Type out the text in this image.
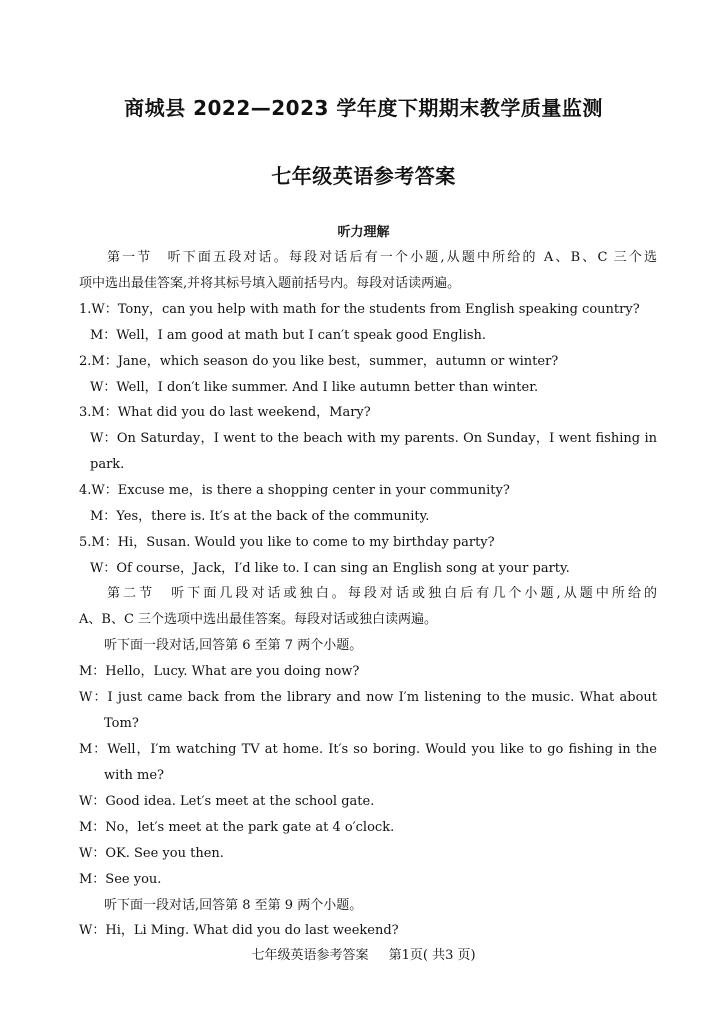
商城县 2022—2023 学年度下期期末教学质量监测
七年级英语参考答案
听力理解
第一节　听下面五段对话。每段对话后有一个小题,从题中所给的 A、B、C 三个选
项中选出最佳答案,并将其标号填入题前括号内。每段对话读两遍。
1.W：Tony，can you help with math for the students from English speaking country?
M：Well，I am good at math but I can′t speak good English.
2.M：Jane，which season do you like best，summer，autumn or winter?
W：Well，I don′t like summer. And I like autumn better than winter.
3.M：What did you do last weekend，Mary?
W：On Saturday，I went to the beach with my parents. On Sunday，I went fishing in
park.
4.W：Excuse me，is there a shopping center in your community?
M：Yes，there is. It′s at the back of the community.
5.M：Hi，Susan. Would you like to come to my birthday party?
W：Of course，Jack，I′d like to. I can sing an English song at your party.
第二节　听下面几段对话或独白。每段对话或独白后有几个小题,从题中所给的
A、B、C 三个选项中选出最佳答案。每段对话或独白读两遍。
听下面一段对话,回答第 6 至第 7 两个小题。
M：Hello，Lucy. What are you doing now?
W：I just came back from the library and now I′m listening to the music. What about
Tom?
M：Well，I′m watching TV at home. It′s so boring. Would you like to go fishing in the
with me?
W：Good idea. Let′s meet at the school gate.
M：No，let′s meet at the park gate at 4 o′clock.
W：OK. See you then.
M：See you.
听下面一段对话,回答第 8 至第 9 两个小题。
W：Hi，Li Ming. What did you do last weekend?
七年级英语参考答案 第1页( 共3 页)
